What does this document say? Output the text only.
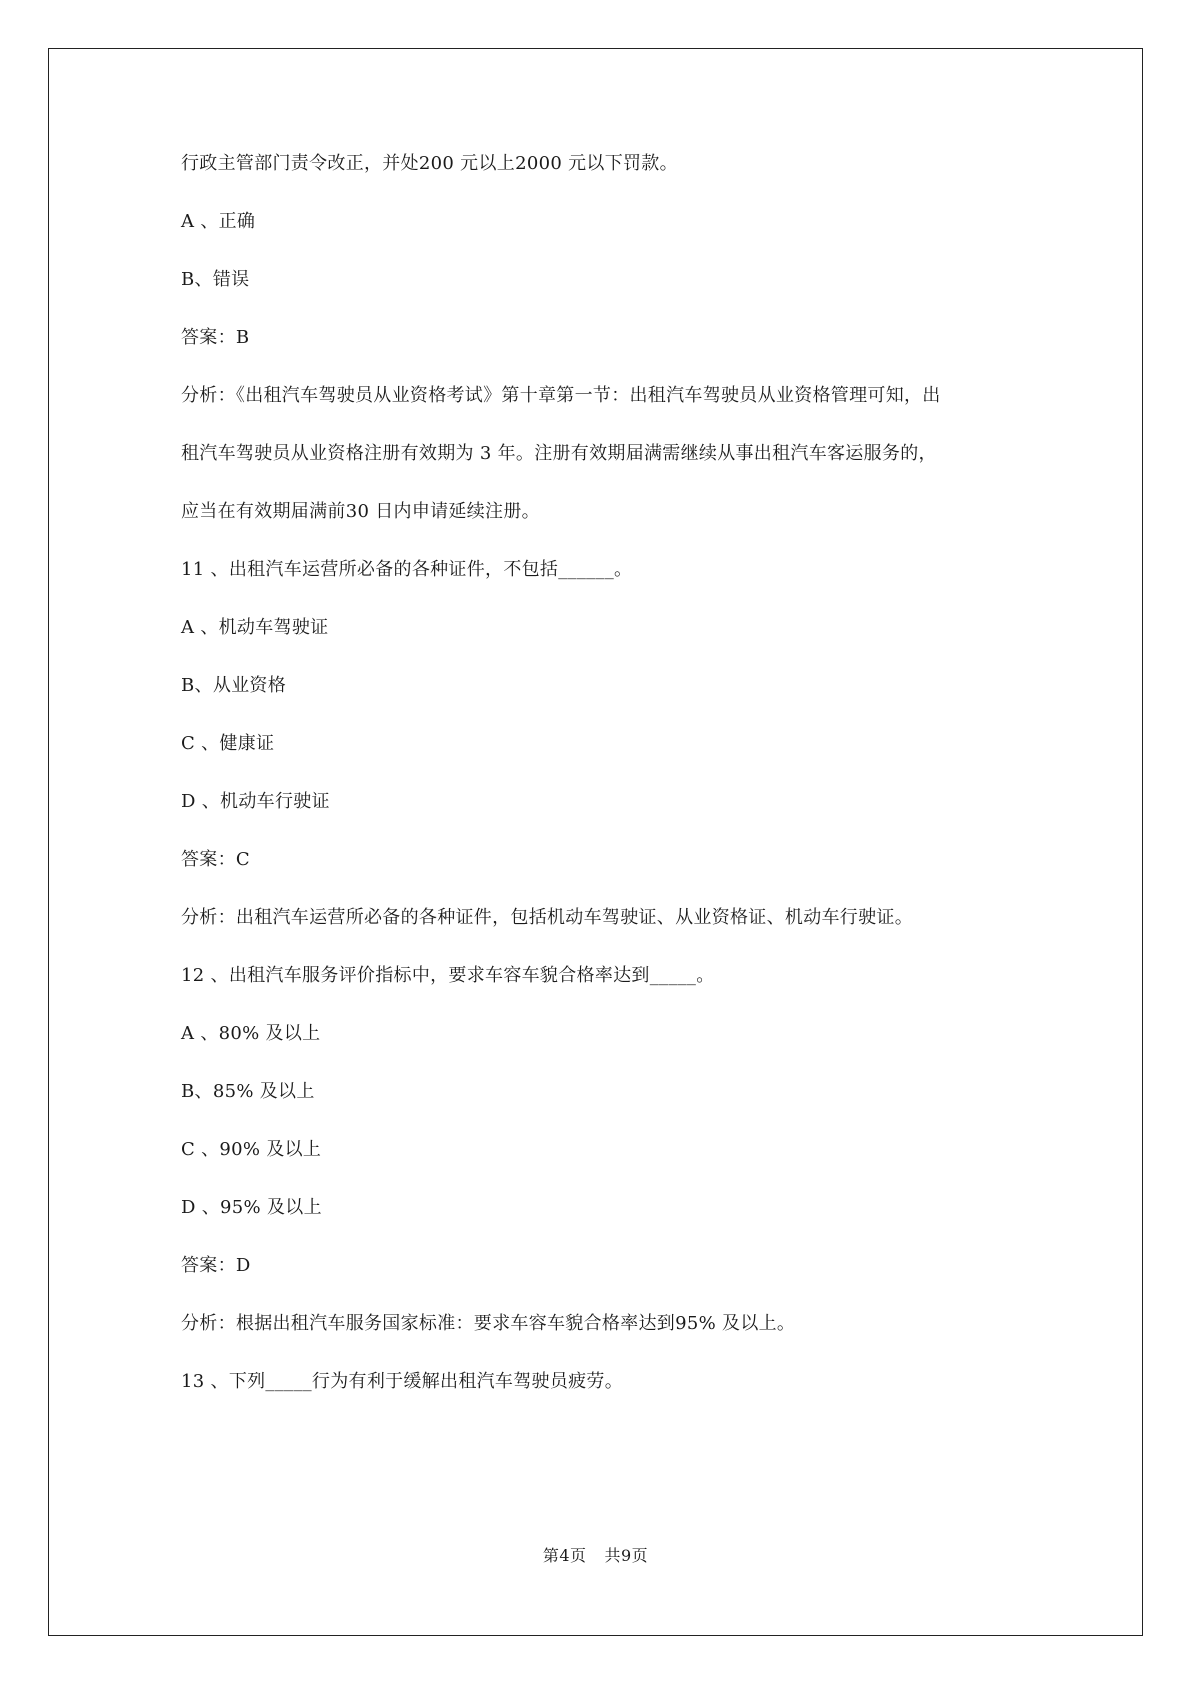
行政主管部门责令改正，并处200 元以上2000 元以下罚款。
A 、正确
B、错误
答案：B
分析：《出租汽车驾驶员从业资格考试》第十章第一节：出租汽车驾驶员从业资格管理可知，出
租汽车驾驶员从业资格注册有效期为 3 年。注册有效期届满需继续从事出租汽车客运服务的，
应当在有效期届满前30 日内申请延续注册。
11 、出租汽车运营所必备的各种证件，不包括______。
A 、机动车驾驶证
B、从业资格
C 、健康证
D 、机动车行驶证
答案：C
分析：出租汽车运营所必备的各种证件，包括机动车驾驶证、从业资格证、机动车行驶证。
12 、出租汽车服务评价指标中，要求车容车貌合格率达到_____。
A 、80% 及以上
B、85% 及以上
C 、90% 及以上
D 、95% 及以上
答案：D
分析：根据出租汽车服务国家标准：要求车容车貌合格率达到95% 及以上。
13 、下列_____行为有利于缓解出租汽车驾驶员疲劳。
第4页 共9页
